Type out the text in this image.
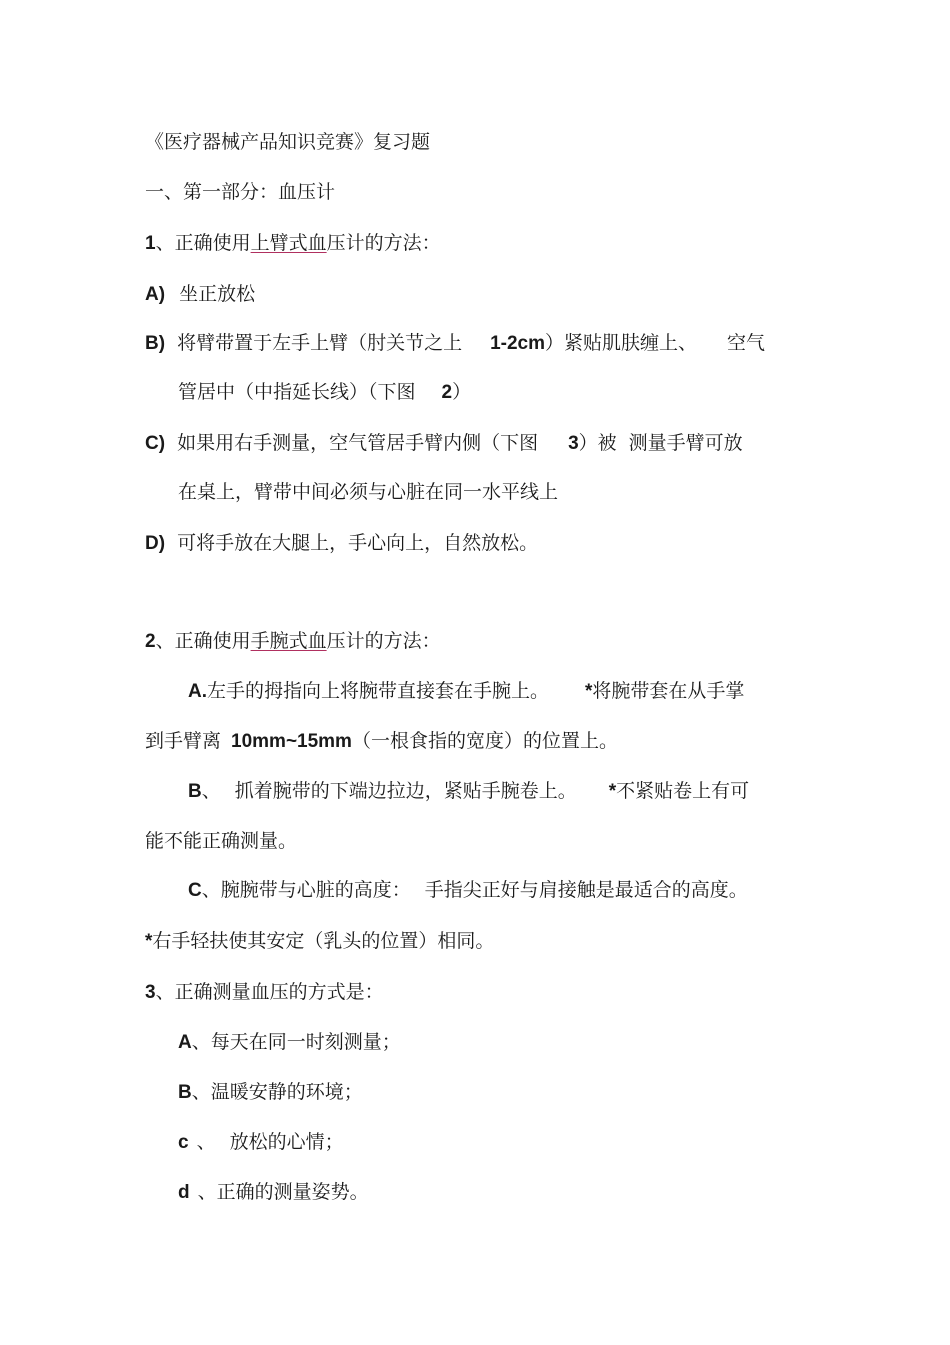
《医疗器械产品知识竞赛》复习题
一、第一部分：血压计
1、正确使用上臂式血压计的方法：
A) 坐正放松
B) 将臂带置于左手上臂（肘关节之上 1-2cm）紧贴肌肤缠上、 空气
管居中（中指延长线）（下图 2）
C) 如果用右手测量，空气管居手臂内侧（下图 3）被 测量手臂可放
在桌上，臂带中间必须与心脏在同一水平线上
D) 可将手放在大腿上，手心向上，自然放松。
2、正确使用手腕式血压计的方法：
A.左手的拇指向上将腕带直接套在手腕上。 *将腕带套在从手掌
到手臂离 10mm~15mm（一根食指的宽度）的位置上。
B、 抓着腕带的下端边拉边，紧贴手腕卷上。 *不紧贴卷上有可
能不能正确测量。
C、腕腕带与心脏的高度： 手指尖正好与肩接触是最适合的高度。
*右手轻扶使其安定（乳头的位置）相同。
3、正确测量血压的方式是：
A、每天在同一时刻测量；
B、温暖安静的环境；
c 、 放松的心情；
d 、正确的测量姿势。
